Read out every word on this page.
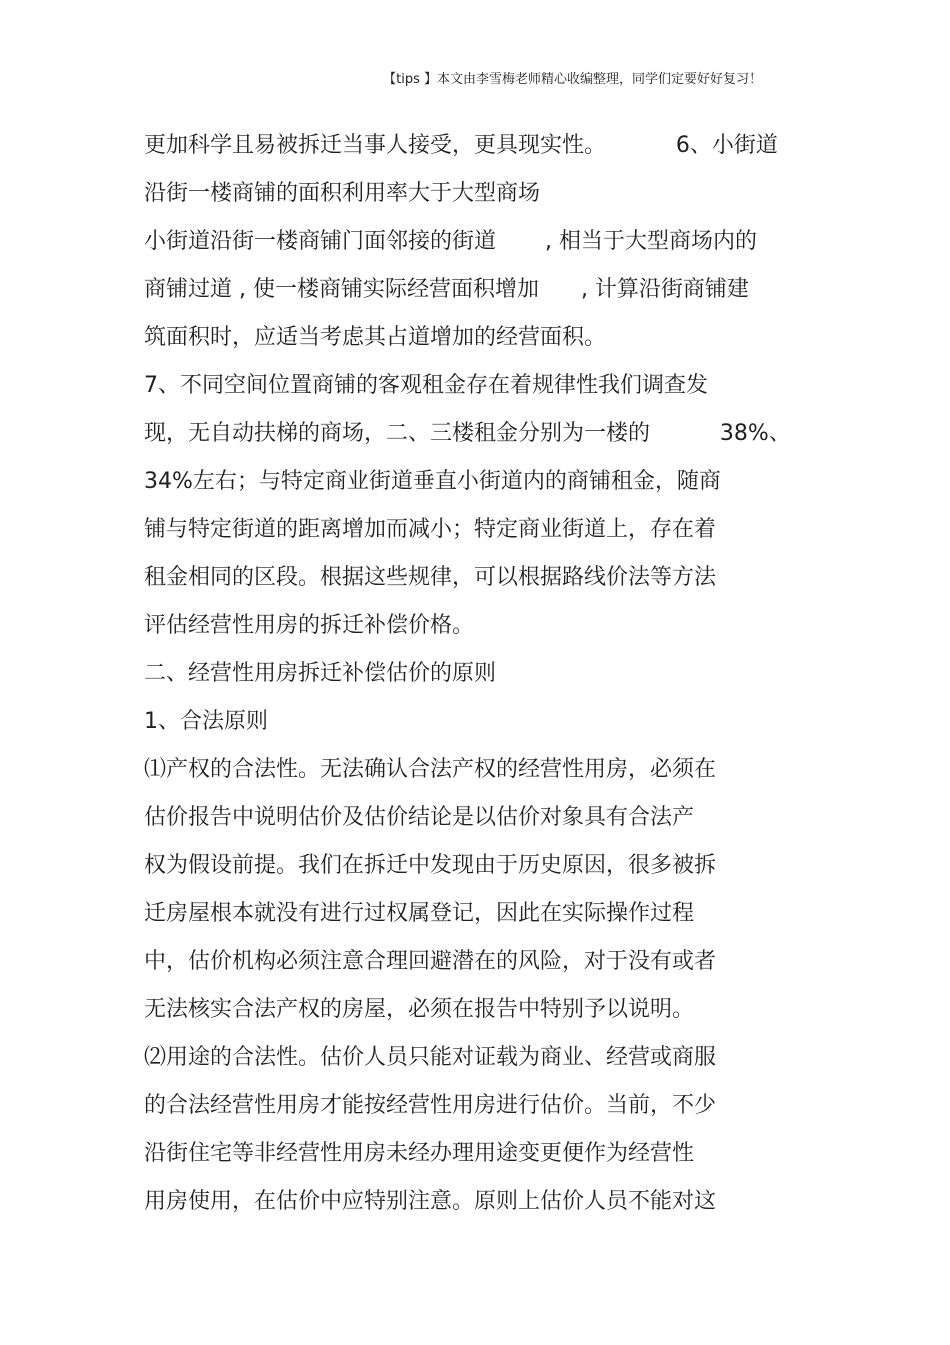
【tips 】本文由李雪梅老师精心收编整理，同学们定要好好复习！
更加科学且易被拆迁当事人接受，更具现实性。          6、小街道
沿街一楼商铺的面积利用率大于大型商场
小街道沿街一楼商铺门面邻接的街道       , 相当于大型商场内的
商铺过道 , 使一楼商铺实际经营面积增加      , 计算沿街商铺建
筑面积时，应适当考虑其占道增加的经营面积。
7、不同空间位置商铺的客观租金存在着规律性我们调查发
现，无自动扶梯的商场，二、三楼租金分别为一楼的          38%、
34%左右；与特定商业街道垂直小街道内的商铺租金，随商
铺与特定街道的距离增加而减小；特定商业街道上，存在着
租金相同的区段。根据这些规律，可以根据路线价法等方法
评估经营性用房的拆迁补偿价格。
二、经营性用房拆迁补偿估价的原则
1、合法原则
⑴产权的合法性。无法确认合法产权的经营性用房，必须在
估价报告中说明估价及估价结论是以估价对象具有合法产
权为假设前提。我们在拆迁中发现由于历史原因，很多被拆
迁房屋根本就没有进行过权属登记，因此在实际操作过程
中，估价机构必须注意合理回避潜在的风险，对于没有或者
无法核实合法产权的房屋，必须在报告中特别予以说明。
⑵用途的合法性。估价人员只能对证载为商业、经营或商服
的合法经营性用房才能按经营性用房进行估价。当前，不少
沿街住宅等非经营性用房未经办理用途变更便作为经营性
用房使用，在估价中应特别注意。原则上估价人员不能对这
